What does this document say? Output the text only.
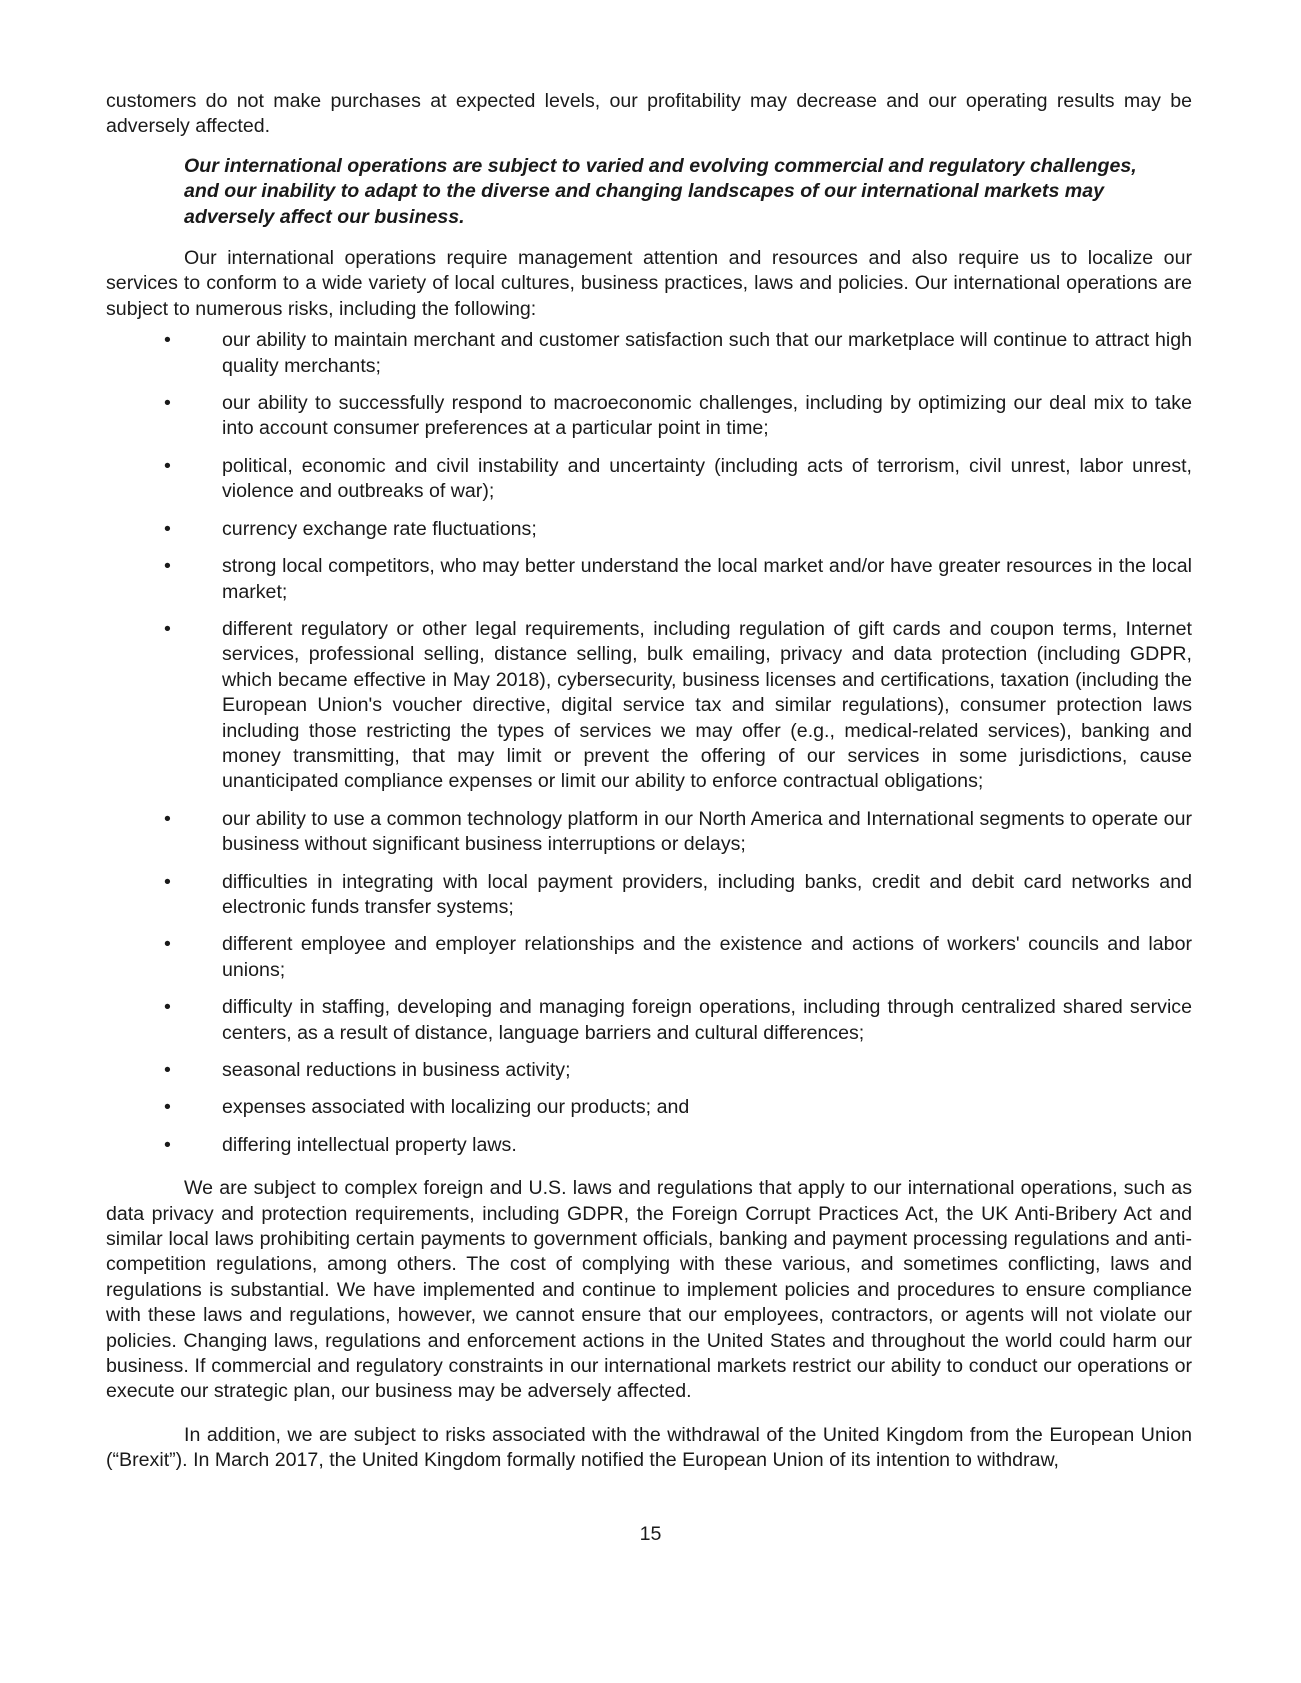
customers do not make purchases at expected levels, our profitability may decrease and our operating results may be adversely affected.

Our international operations are subject to varied and evolving commercial and regulatory challenges, and our inability to adapt to the diverse and changing landscapes of our international markets may adversely affect our business.

Our international operations require management attention and resources and also require us to localize our services to conform to a wide variety of local cultures, business practices, laws and policies. Our international operations are subject to numerous risks, including the following:

•	our ability to maintain merchant and customer satisfaction such that our marketplace will continue to attract high quality merchants;
•	our ability to successfully respond to macroeconomic challenges, including by optimizing our deal mix to take into account consumer preferences at a particular point in time;
•	political, economic and civil instability and uncertainty (including acts of terrorism, civil unrest, labor unrest, violence and outbreaks of war);
•	currency exchange rate fluctuations;
•	strong local competitors, who may better understand the local market and/or have greater resources in the local market;
•	different regulatory or other legal requirements, including regulation of gift cards and coupon terms, Internet services, professional selling, distance selling, bulk emailing, privacy and data protection (including GDPR, which became effective in May 2018), cybersecurity, business licenses and certifications, taxation (including the European Union's voucher directive, digital service tax and similar regulations), consumer protection laws including those restricting the types of services we may offer (e.g., medical-related services), banking and money transmitting, that may limit or prevent the offering of our services in some jurisdictions, cause unanticipated compliance expenses or limit our ability to enforce contractual obligations;
•	our ability to use a common technology platform in our North America and International segments to operate our business without significant business interruptions or delays;
•	difficulties in integrating with local payment providers, including banks, credit and debit card networks and electronic funds transfer systems;
•	different employee and employer relationships and the existence and actions of workers' councils and labor unions;
•	difficulty in staffing, developing and managing foreign operations, including through centralized shared service centers, as a result of distance, language barriers and cultural differences;
•	seasonal reductions in business activity;
•	expenses associated with localizing our products; and
•	differing intellectual property laws.

We are subject to complex foreign and U.S. laws and regulations that apply to our international operations, such as data privacy and protection requirements, including GDPR, the Foreign Corrupt Practices Act, the UK Anti-Bribery Act and similar local laws prohibiting certain payments to government officials, banking and payment processing regulations and anti-competition regulations, among others. The cost of complying with these various, and sometimes conflicting, laws and regulations is substantial. We have implemented and continue to implement policies and procedures to ensure compliance with these laws and regulations, however, we cannot ensure that our employees, contractors, or agents will not violate our policies. Changing laws, regulations and enforcement actions in the United States and throughout the world could harm our business. If commercial and regulatory constraints in our international markets restrict our ability to conduct our operations or execute our strategic plan, our business may be adversely affected.

In addition, we are subject to risks associated with the withdrawal of the United Kingdom from the European Union (“Brexit”). In March 2017, the United Kingdom formally notified the European Union of its intention to withdraw,

15
